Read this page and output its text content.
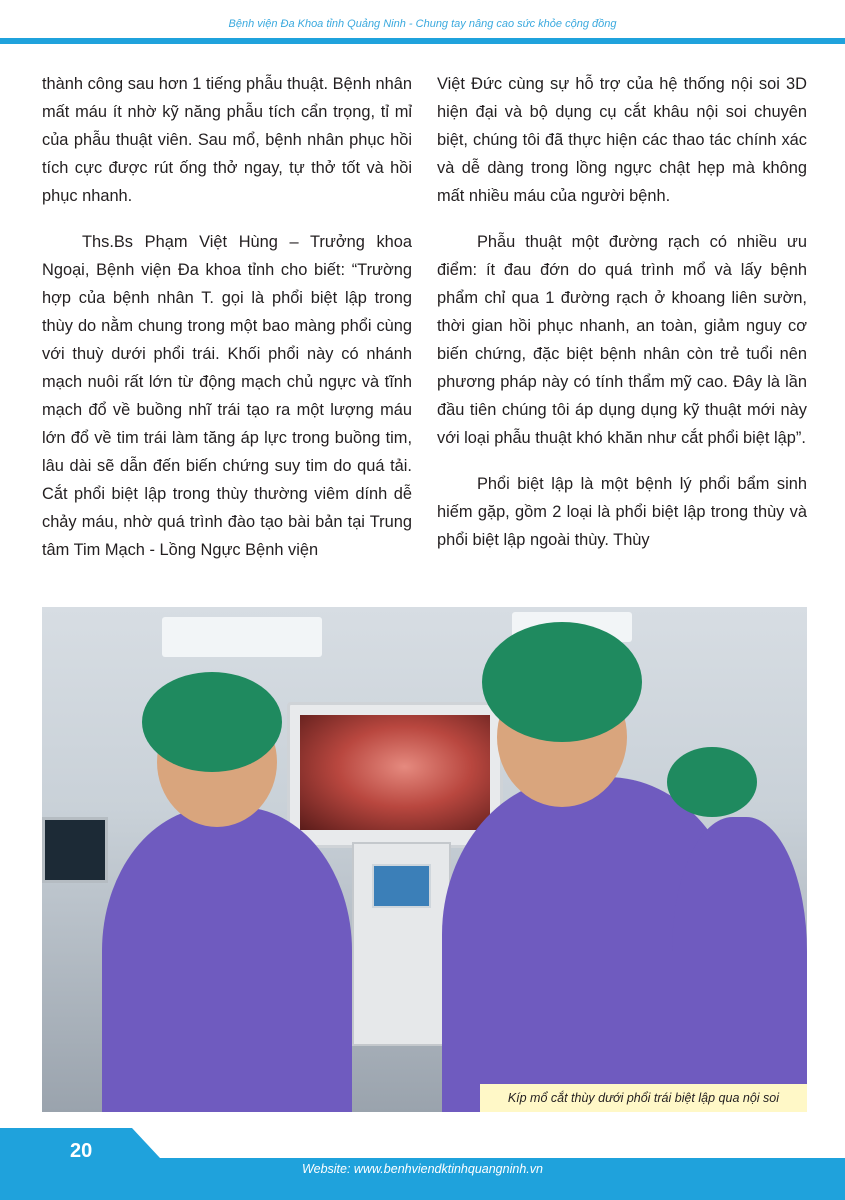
Bệnh viện Đa Khoa tỉnh Quảng Ninh - Chung tay nâng cao sức khỏe cộng đồng

thành công sau hơn 1 tiếng phẫu thuật. Bệnh nhân mất máu ít nhờ kỹ năng phẫu tích cẩn trọng, tỉ mỉ của phẫu thuật viên. Sau mổ, bệnh nhân phục hồi tích cực được rút ống thở ngay, tự thở tốt và hồi phục nhanh.

Ths.Bs Phạm Việt Hùng – Trưởng khoa Ngoại, Bệnh viện Đa khoa tỉnh cho biết: “Trường hợp của bệnh nhân T. gọi là phổi biệt lập trong thùy do nằm chung trong một bao màng phổi cùng với thuỳ dưới phổi trái. Khối phổi này có nhánh mạch nuôi rất lớn từ động mạch chủ ngực và tĩnh mạch đổ về buồng nhĩ trái tạo ra một lượng máu lớn đổ về tim trái làm tăng áp lực trong buồng tim, lâu dài sẽ dẫn đến biến chứng suy tim do quá tải. Cắt phổi biệt lập trong thùy thường viêm dính dễ chảy máu, nhờ quá trình đào tạo bài bản tại Trung tâm Tim Mạch - Lồng Ngực Bệnh viện

Việt Đức cùng sự hỗ trợ của hệ thống nội soi 3D hiện đại và bộ dụng cụ cắt khâu nội soi chuyên biệt, chúng tôi đã thực hiện các thao tác chính xác và dễ dàng trong lồng ngực chật hẹp mà không mất nhiều máu của người bệnh.

Phẫu thuật một đường rạch có nhiều ưu điểm: ít đau đớn do quá trình mổ và lấy bệnh phẩm chỉ qua 1 đường rạch ở khoang liên sườn, thời gian hồi phục nhanh, an toàn, giảm nguy cơ biến chứng, đặc biệt bệnh nhân còn trẻ tuổi nên phương pháp này có tính thẩm mỹ cao. Đây là lần đầu tiên chúng tôi áp dụng dụng kỹ thuật mới này với loại phẫu thuật khó khăn như cắt phổi biệt lập”.

Phổi biệt lập là một bệnh lý phổi bẩm sinh hiếm gặp, gồm 2 loại là phổi biệt lập trong thùy và phổi biệt lập ngoài thùy. Thùy

Kíp mổ cắt thùy dưới phổi trái biệt lập qua nội soi
20
Website: www.benhviendktinhquangninh.vn
